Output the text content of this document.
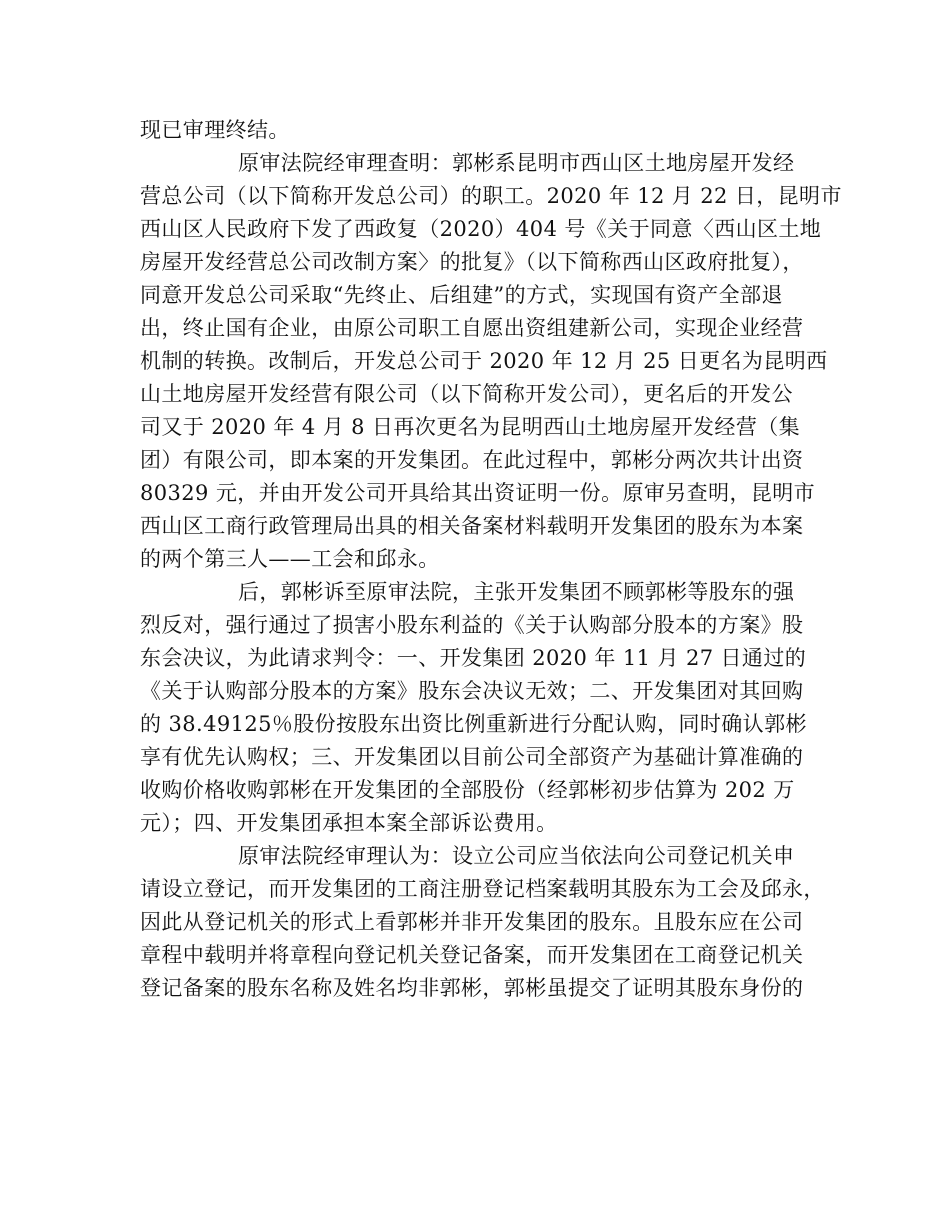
现已审理终结。
原审法院经审理查明：郭彬系昆明市西山区土地房屋开发经
营总公司（以下简称开发总公司）的职工。2020 年 12 月 22 日，昆明市
西山区人民政府下发了西政复（2020）404 号《关于同意〈西山区土地
房屋开发经营总公司改制方案〉的批复》（以下简称西山区政府批复），
同意开发总公司采取“先终止、后组建”的方式，实现国有资产全部退
出，终止国有企业，由原公司职工自愿出资组建新公司，实现企业经营
机制的转换。改制后，开发总公司于 2020 年 12 月 25 日更名为昆明西
山土地房屋开发经营有限公司（以下简称开发公司），更名后的开发公
司又于 2020 年 4 月 8 日再次更名为昆明西山土地房屋开发经营（集
团）有限公司，即本案的开发集团。在此过程中，郭彬分两次共计出资
80329 元，并由开发公司开具给其出资证明一份。原审另查明，昆明市
西山区工商行政管理局出具的相关备案材料载明开发集团的股东为本案
的两个第三人——工会和邱永。
后，郭彬诉至原审法院，主张开发集团不顾郭彬等股东的强
烈反对，强行通过了损害小股东利益的《关于认购部分股本的方案》股
东会决议，为此请求判令：一、开发集团 2020 年 11 月 27 日通过的
《关于认购部分股本的方案》股东会决议无效；二、开发集团对其回购
的 38.49125％股份按股东出资比例重新进行分配认购，同时确认郭彬
享有优先认购权；三、开发集团以目前公司全部资产为基础计算准确的
收购价格收购郭彬在开发集团的全部股份（经郭彬初步估算为 202 万
元）；四、开发集团承担本案全部诉讼费用。
原审法院经审理认为：设立公司应当依法向公司登记机关申
请设立登记，而开发集团的工商注册登记档案载明其股东为工会及邱永，
因此从登记机关的形式上看郭彬并非开发集团的股东。且股东应在公司
章程中载明并将章程向登记机关登记备案，而开发集团在工商登记机关
登记备案的股东名称及姓名均非郭彬，郭彬虽提交了证明其股东身份的
